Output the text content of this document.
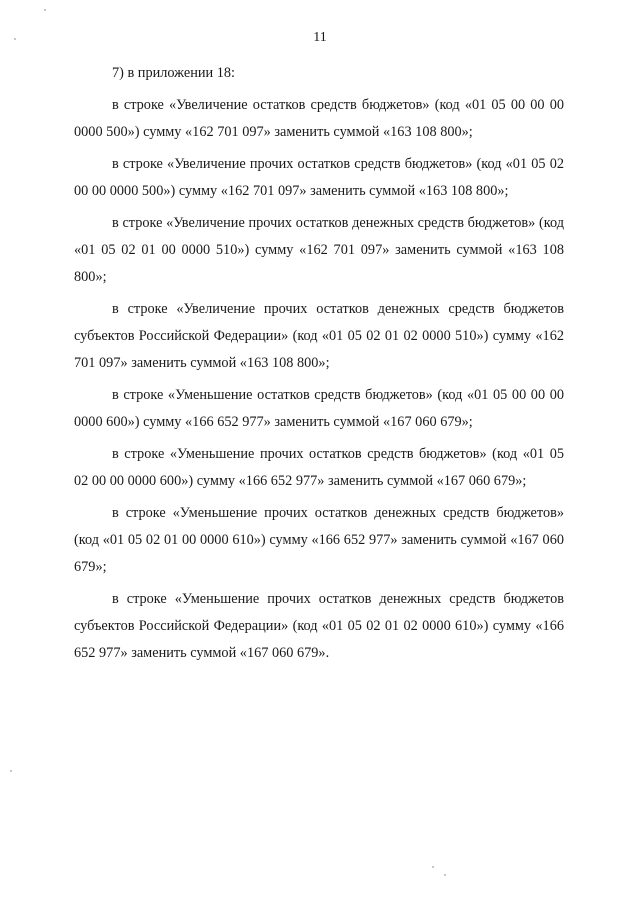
11

7) в приложении 18:

в строке «Увеличение остатков средств бюджетов» (код «01 05 00 00 00 0000 500») сумму «162 701 097» заменить суммой «163 108 800»;

в строке «Увеличение прочих остатков средств бюджетов» (код «01 05 02 00 00 0000 500») сумму «162 701 097» заменить суммой «163 108 800»;

в строке «Увеличение прочих остатков денежных средств бюджетов» (код «01 05 02 01 00 0000 510») сумму «162 701 097» заменить суммой «163 108 800»;

в строке «Увеличение прочих остатков денежных средств бюджетов субъектов Российской Федерации» (код «01 05 02 01 02 0000 510») сумму «162 701 097» заменить суммой «163 108 800»;

в строке «Уменьшение остатков средств бюджетов» (код «01 05 00 00 00 0000 600») сумму «166 652 977» заменить суммой «167 060 679»;

в строке «Уменьшение прочих остатков средств бюджетов» (код «01 05 02 00 00 0000 600») сумму «166 652 977» заменить суммой «167 060 679»;

в строке «Уменьшение прочих остатков денежных средств бюджетов» (код «01 05 02 01 00 0000 610») сумму «166 652 977» заменить суммой «167 060 679»;

в строке «Уменьшение прочих остатков денежных средств бюджетов субъектов Российской Федерации» (код «01 05 02 01 02 0000 610») сумму «166 652 977» заменить суммой «167 060 679».
